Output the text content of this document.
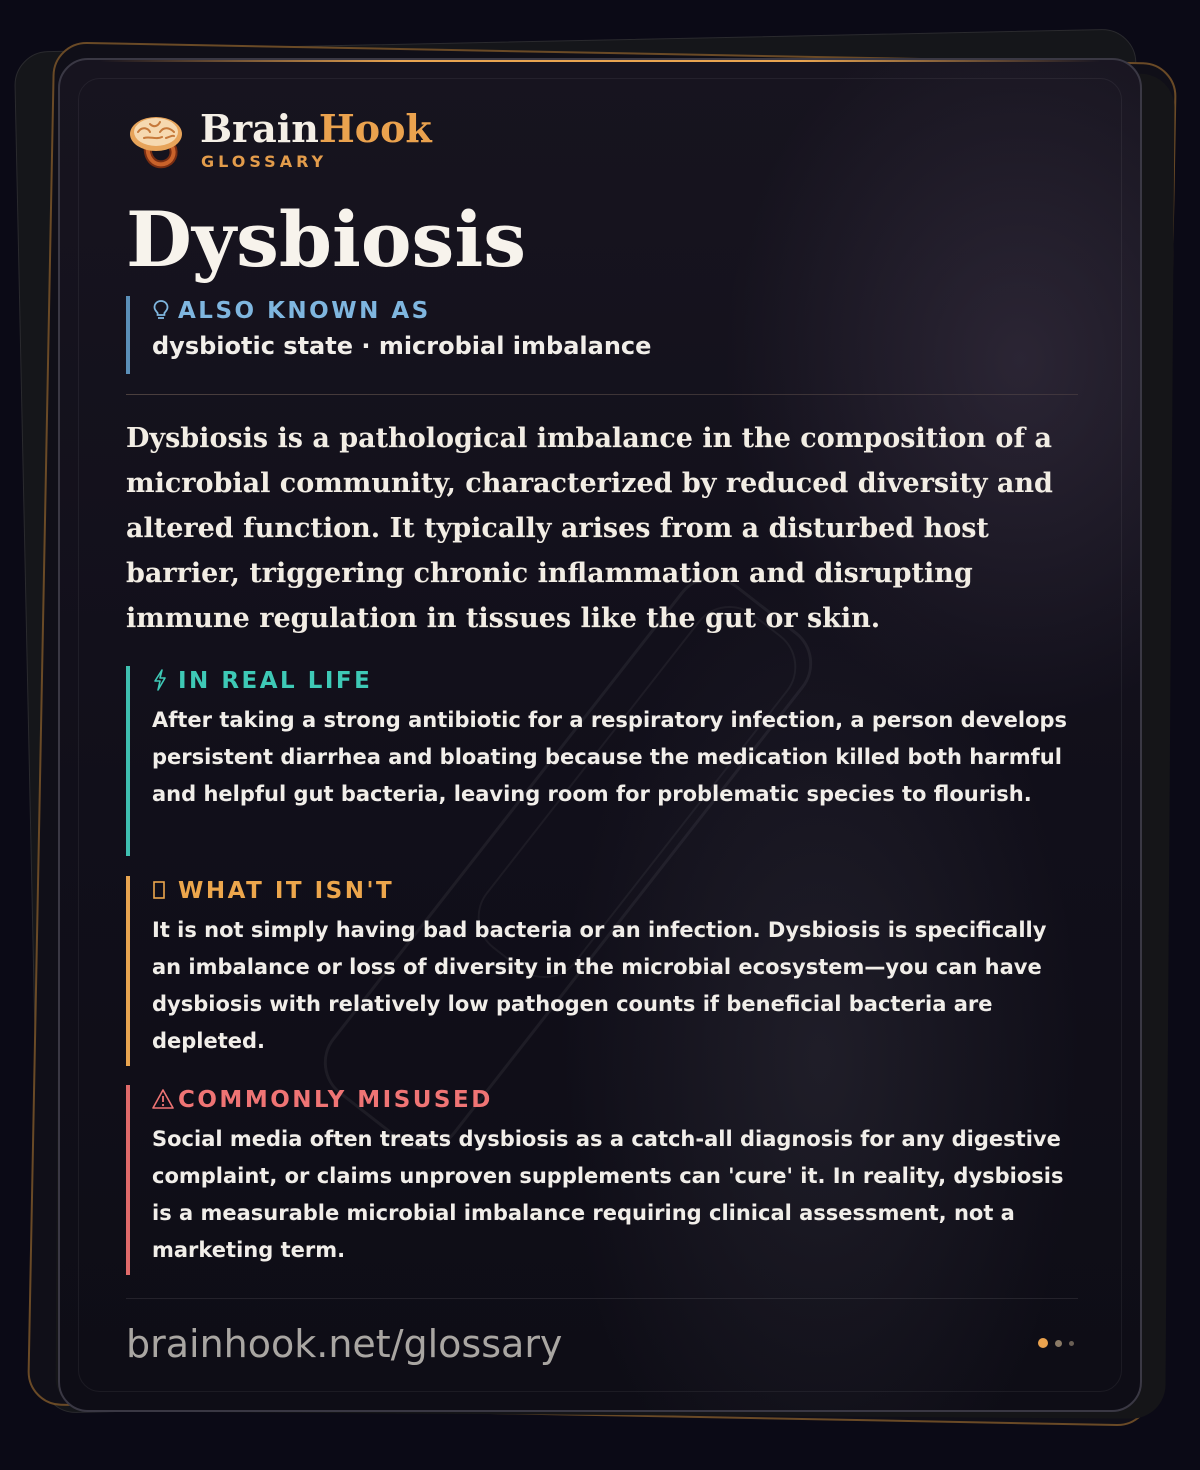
BrainHook
GLOSSARY
Dysbiosis
ALSO KNOWN AS
dysbiotic state · microbial imbalance
Dysbiosis is a pathological imbalance in the composition of a microbial community, characterized by reduced diversity and altered function. It typically arises from a disturbed host barrier, triggering chronic inflammation and disrupting immune regulation in tissues like the gut or skin.
IN REAL LIFE
After taking a strong antibiotic for a respiratory infection, a person develops persistent diarrhea and bloating because the medication killed both harmful and helpful gut bacteria, leaving room for problematic species to flourish.
WHAT IT ISN'T
It is not simply having bad bacteria or an infection. Dysbiosis is specifically an imbalance or loss of diversity in the microbial ecosystem—you can have dysbiosis with relatively low pathogen counts if beneficial bacteria are depleted.
COMMONLY MISUSED
Social media often treats dysbiosis as a catch-all diagnosis for any digestive complaint, or claims unproven supplements can 'cure' it. In reality, dysbiosis is a measurable microbial imbalance requiring clinical assessment, not a marketing term.
brainhook.net/glossary
